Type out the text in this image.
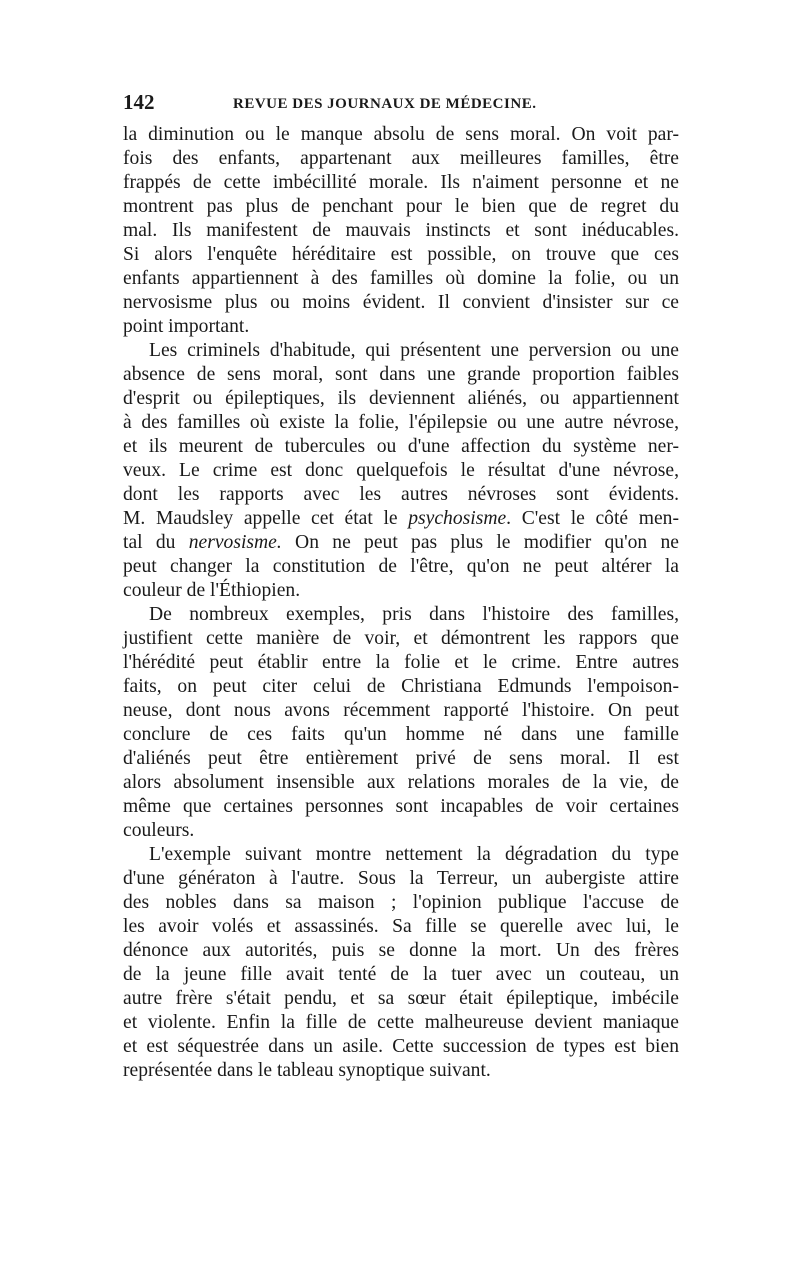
142	REVUE DES JOURNAUX DE MÉDECINE.
la diminution ou le manque absolu de sens moral. On voit par-
fois des enfants, appartenant aux meilleures familles, être
frappés de cette imbécillité morale. Ils n'aiment personne et ne
montrent pas plus de penchant pour le bien que de regret du
mal. Ils manifestent de mauvais instincts et sont inéducables.
Si alors l'enquête héréditaire est possible, on trouve que ces
enfants appartiennent à des familles où domine la folie, ou un
nervosisme plus ou moins évident. Il convient d'insister sur ce
point important.
Les criminels d'habitude, qui présentent une perversion ou une
absence de sens moral, sont dans une grande proportion faibles
d'esprit ou épileptiques, ils deviennent aliénés, ou appartiennent
à des familles où existe la folie, l'épilepsie ou une autre névrose,
et ils meurent de tubercules ou d'une affection du système ner-
veux. Le crime est donc quelquefois le résultat d'une névrose,
dont les rapports avec les autres névroses sont évidents.
M. Maudsley appelle cet état le psychosisme. C'est le côté men-
tal du nervosisme. On ne peut pas plus le modifier qu'on ne
peut changer la constitution de l'être, qu'on ne peut altérer la
couleur de l'Éthiopien.
De nombreux exemples, pris dans l'histoire des familles,
justifient cette manière de voir, et démontrent les rappors que
l'hérédité peut établir entre la folie et le crime. Entre autres
faits, on peut citer celui de Christiana Edmunds l'empoison-
neuse, dont nous avons récemment rapporté l'histoire. On peut
conclure de ces faits qu'un homme né dans une famille
d'aliénés peut être entièrement privé de sens moral. Il est
alors absolument insensible aux relations morales de la vie, de
même que certaines personnes sont incapables de voir certaines
couleurs.
L'exemple suivant montre nettement la dégradation du type
d'une génératon à l'autre. Sous la Terreur, un aubergiste attire
des nobles dans sa maison ; l'opinion publique l'accuse de
les avoir volés et assassinés. Sa fille se querelle avec lui, le
dénonce aux autorités, puis se donne la mort. Un des frères
de la jeune fille avait tenté de la tuer avec un couteau, un
autre frère s'était pendu, et sa sœur était épileptique, imbécile
et violente. Enfin la fille de cette malheureuse devient maniaque
et est séquestrée dans un asile. Cette succession de types est bien
représentée dans le tableau synoptique suivant.
